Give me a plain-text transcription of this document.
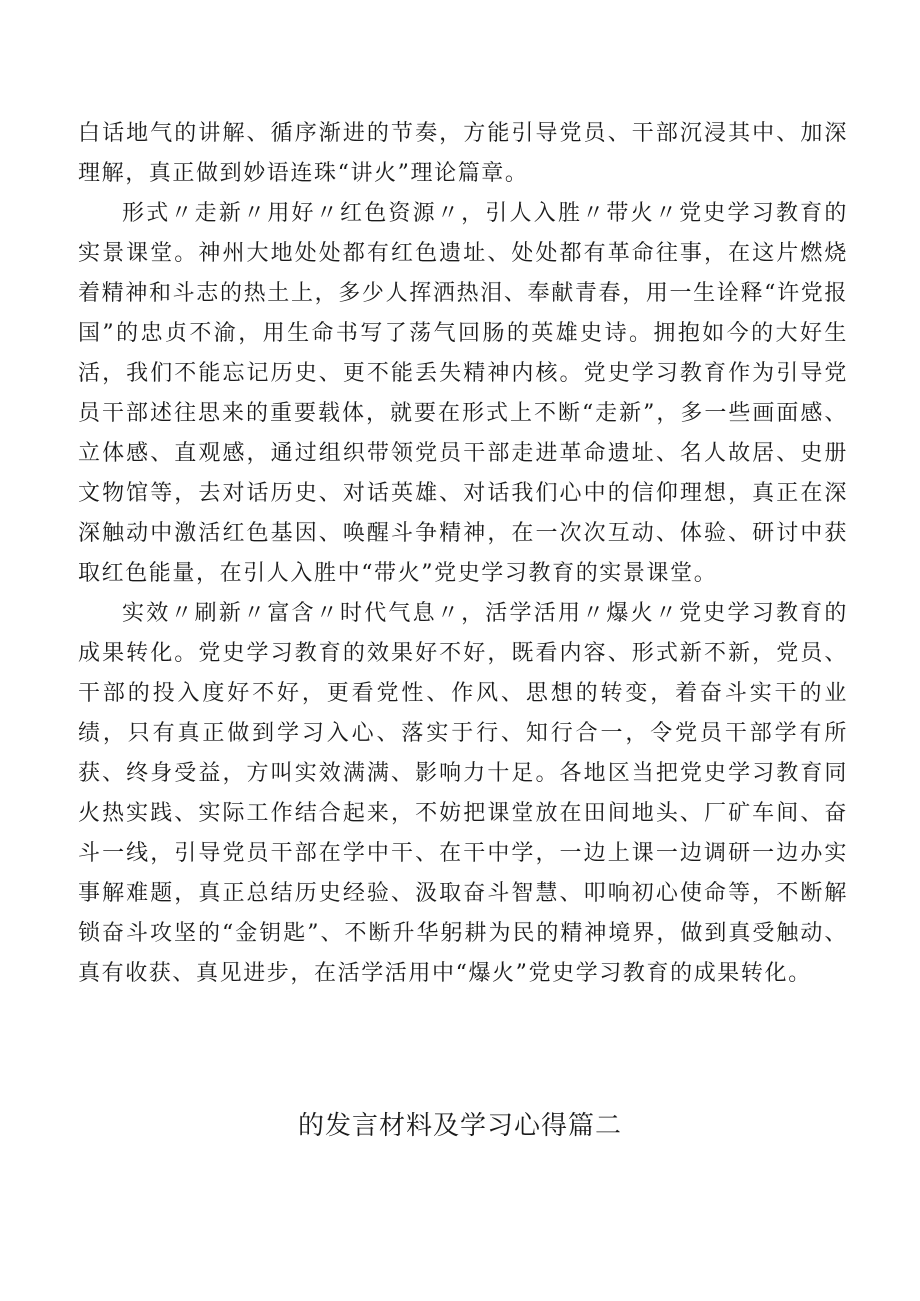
白话地气的讲解、循序渐进的节奏，方能引导党员、干部沉浸其中、加深理解，真正做到妙语连珠“讲火”理论篇章。

形式〃走新〃用好〃红色资源〃，引人入胜〃带火〃党史学习教育的实景课堂。神州大地处处都有红色遗址、处处都有革命往事，在这片燃烧着精神和斗志的热土上，多少人挥洒热泪、奉献青春，用一生诠释“许党报国”的忠贞不渝，用生命书写了荡气回肠的英雄史诗。拥抱如今的大好生活，我们不能忘记历史、更不能丢失精神内核。党史学习教育作为引导党员干部述往思来的重要载体，就要在形式上不断“走新”，多一些画面感、立体感、直观感，通过组织带领党员干部走进革命遗址、名人故居、史册文物馆等，去对话历史、对话英雄、对话我们心中的信仰理想，真正在深深触动中激活红色基因、唤醒斗争精神，在一次次互动、体验、研讨中获取红色能量，在引人入胜中“带火”党史学习教育的实景课堂。

实效〃刷新〃富含〃时代气息〃，活学活用〃爆火〃党史学习教育的成果转化。党史学习教育的效果好不好，既看内容、形式新不新，党员、干部的投入度好不好，更看党性、作风、思想的转变，着奋斗实干的业绩，只有真正做到学习入心、落实于行、知行合一，令党员干部学有所获、终身受益，方叫实效满满、影响力十足。各地区当把党史学习教育同火热实践、实际工作结合起来，不妨把课堂放在田间地头、厂矿车间、奋斗一线，引导党员干部在学中干、在干中学，一边上课一边调研一边办实事解难题，真正总结历史经验、汲取奋斗智慧、叩响初心使命等，不断解锁奋斗攻坚的“金钥匙”、不断升华躬耕为民的精神境界，做到真受触动、真有收获、真见进步，在活学活用中“爆火”党史学习教育的成果转化。

的发言材料及学习心得篇二
